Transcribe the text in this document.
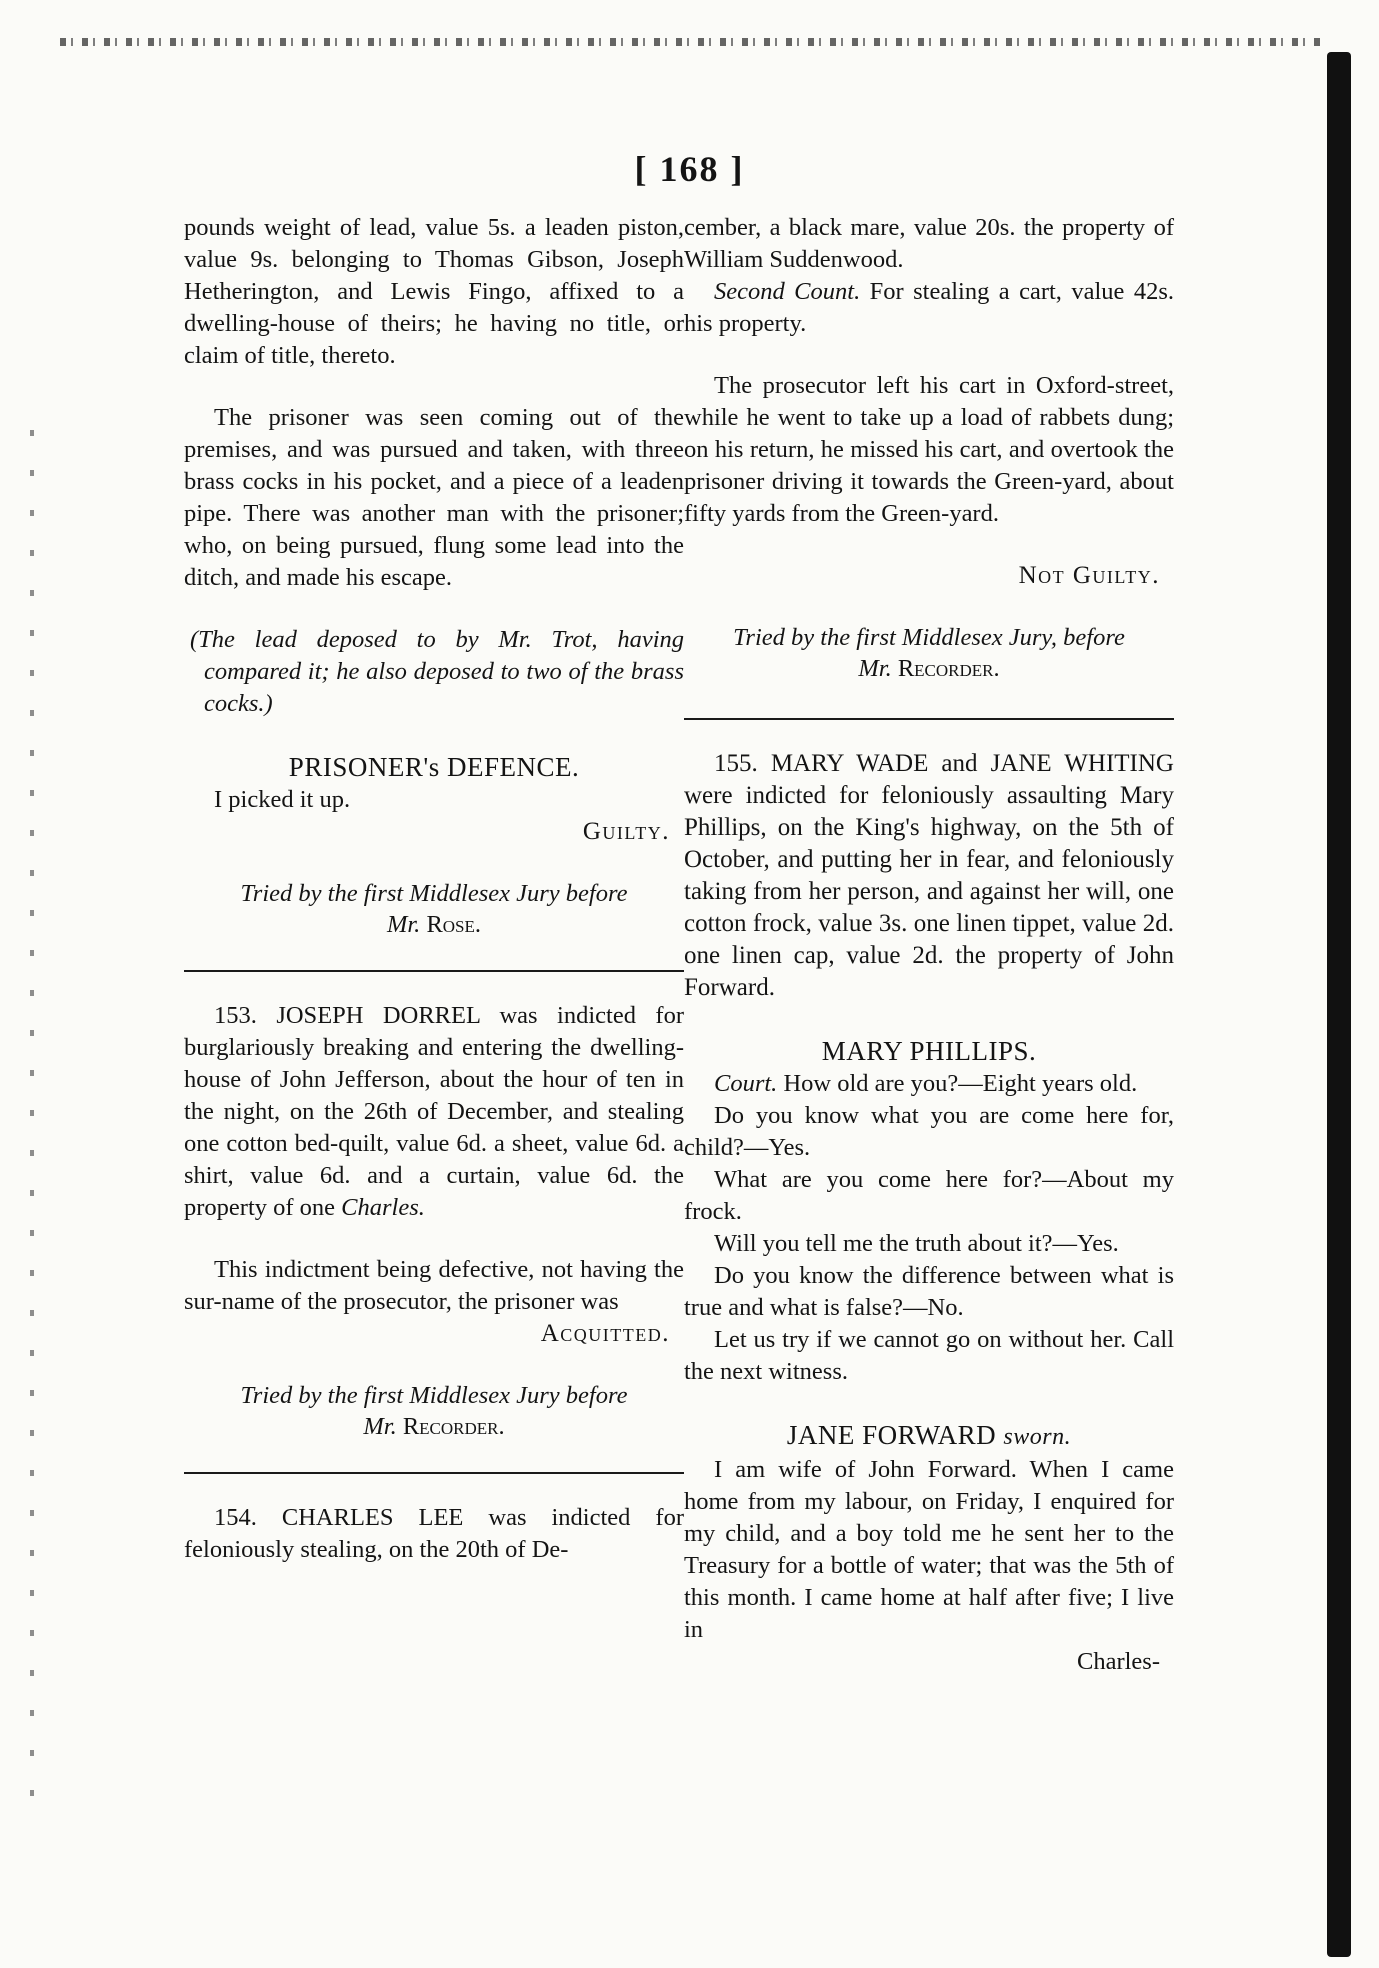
[ 168 ]

pounds weight of lead, value 5s. a leaden piston, value 9s. belonging to Thomas Gibson, Joseph Hetherington, and Lewis Fingo, affixed to a dwelling-house of theirs; he having no title, or claim of title, thereto.

The prisoner was seen coming out of the premises, and was pursued and taken, with three brass cocks in his pocket, and a piece of a leaden pipe. There was another man with the prisoner; who, on being pursued, flung some lead into the ditch, and made his escape.

(The lead deposed to by Mr. Trot, having compared it; he also deposed to two of the brass cocks.)

PRISONER's DEFENCE.

I picked it up.

Guilty.

Tried by the first Middlesex Jury before
Mr. Rose.

153. JOSEPH DORREL was indicted for burglariously breaking and entering the dwelling-house of John Jefferson, about the hour of ten in the night, on the 26th of December, and stealing one cotton bed-quilt, value 6d. a sheet, value 6d. a shirt, value 6d. and a curtain, value 6d. the property of one Charles.

This indictment being defective, not having the sur-name of the prosecutor, the prisoner was

Acquitted.

Tried by the first Middlesex Jury before
Mr. Recorder.

154. CHARLES LEE was indicted for feloniously stealing, on the 20th of De-

cember, a black mare, value 20s. the property of William Suddenwood.

Second Count. For stealing a cart, value 42s. his property.

The prosecutor left his cart in Oxford-street, while he went to take up a load of rabbets dung; on his return, he missed his cart, and overtook the prisoner driving it towards the Green-yard, about fifty yards from the Green-yard.

Not Guilty.

Tried by the first Middlesex Jury, before
Mr. Recorder.

155. MARY WADE and JANE WHITING were indicted for feloniously assaulting Mary Phillips, on the King's highway, on the 5th of October, and putting her in fear, and feloniously taking from her person, and against her will, one cotton frock, value 3s. one linen tippet, value 2d. one linen cap, value 2d. the property of John Forward.

MARY PHILLIPS.

Court. How old are you?—Eight years old.

Do you know what you are come here for, child?—Yes.

What are you come here for?—About my frock.

Will you tell me the truth about it?—Yes.

Do you know the difference between what is true and what is false?—No.

Let us try if we cannot go on without her. Call the next witness.

JANE FORWARD sworn.

I am wife of John Forward. When I came home from my labour, on Friday, I enquired for my child, and a boy told me he sent her to the Treasury for a bottle of water; that was the 5th of this month. I came home at half after five; I live in

Charles-
